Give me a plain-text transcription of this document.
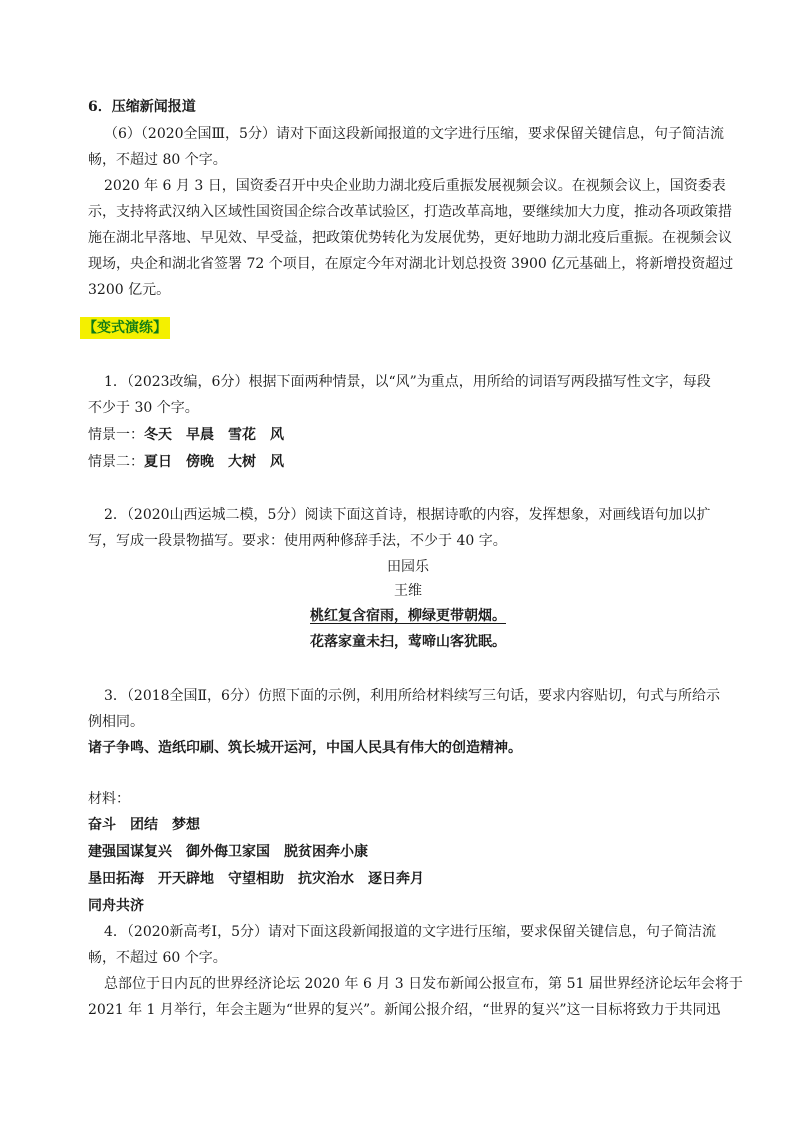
6．压缩新闻报道
（6）（2020全国Ⅲ，5分）请对下面这段新闻报道的文字进行压缩，要求保留关键信息，句子简洁流
畅，不超过 80 个字。
2020 年 6 月 3 日，国资委召开中央企业助力湖北疫后重振发展视频会议。在视频会议上，国资委表
示，支持将武汉纳入区域性国资国企综合改革试验区，打造改革高地，要继续加大力度，推动各项政策措
施在湖北早落地、早见效、早受益，把政策优势转化为发展优势，更好地助力湖北疫后重振。在视频会议
现场，央企和湖北省签署 72 个项目，在原定今年对湖北计划总投资 3900 亿元基础上，将新增投资超过
3200 亿元。
【变式演练】
1．（2023改编，6分）根据下面两种情景，以“风”为重点，用所给的词语写两段描写性文字，每段
不少于 30 个字。
情景一：冬天 早晨 雪花 风
情景二：夏日 傍晚 大树 风
2．（2020山西运城二模，5分）阅读下面这首诗，根据诗歌的内容，发挥想象，对画线语句加以扩
写，写成一段景物描写。要求：使用两种修辞手法，不少于 40 字。
田园乐
王维
桃红复含宿雨，柳绿更带朝烟。
花落家童未扫，莺啼山客犹眠。
3．（2018全国Ⅱ，6分）仿照下面的示例，利用所给材料续写三句话，要求内容贴切，句式与所给示
例相同。
诸子争鸣、造纸印刷、筑长城开运河，中国人民具有伟大的创造精神。
材料：
奋斗 团结 梦想
建强国谋复兴 御外侮卫家国 脱贫困奔小康
垦田拓海 开天辟地 守望相助 抗灾治水 逐日奔月
同舟共济
4．（2020新高考Ⅰ，5分）请对下面这段新闻报道的文字进行压缩，要求保留关键信息，句子简洁流
畅，不超过 60 个字。
总部位于日内瓦的世界经济论坛 2020 年 6 月 3 日发布新闻公报宣布，第 51 届世界经济论坛年会将于
2021 年 1 月举行，年会主题为“世界的复兴”。新闻公报介绍，“世界的复兴”这一目标将致力于共同迅
